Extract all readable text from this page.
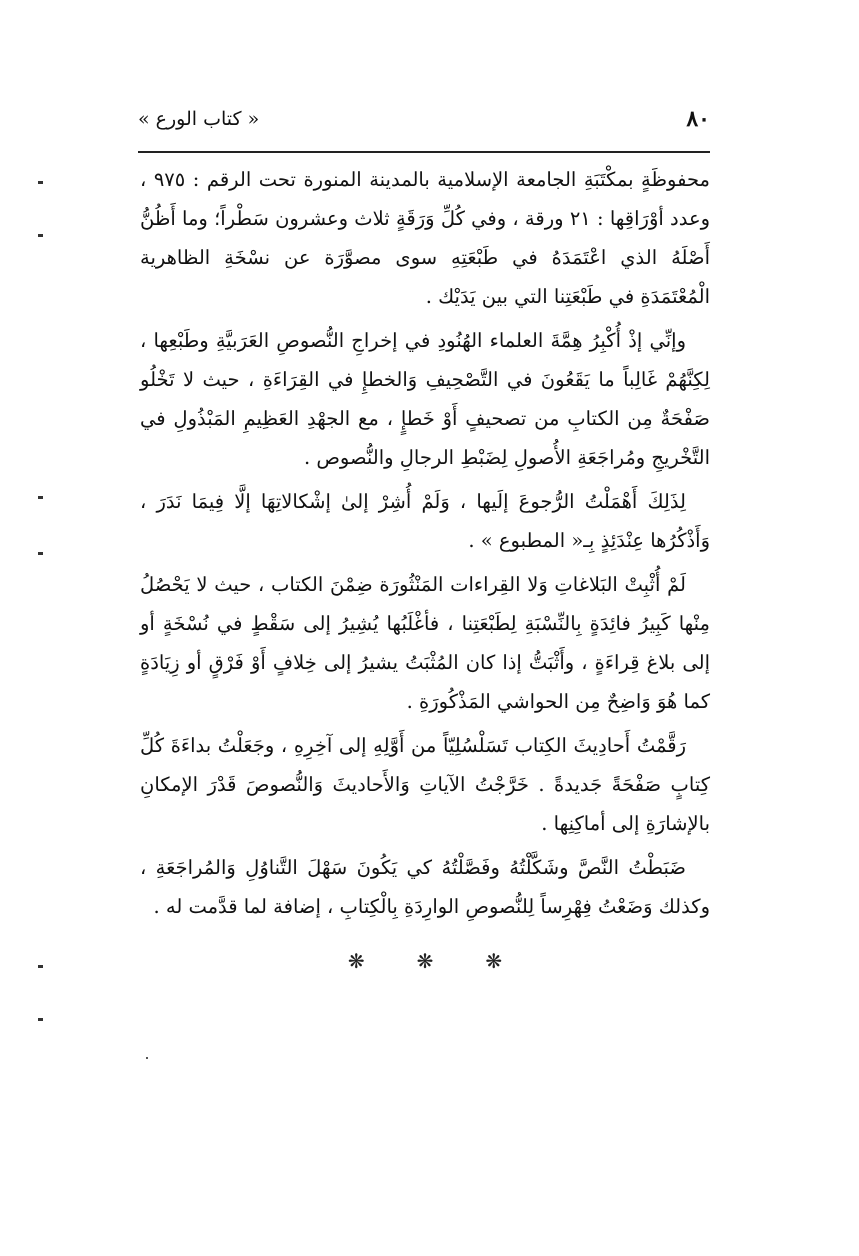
٨٠
« كتاب الورع »

محفوظَةٍ بمكْتَبَةِ الجامعة الإسلامية بالمدينة المنورة تحت الرقم : ٩٧٥ ، وعدد أوْرَاقِها : ٢١ ورقة ، وفي كُلِّ وَرَقَةٍ ثلاث وعشرون سَطْراً؛ وما أَظُنُّ أَصْلَهُ الذي اعْتَمَدَهُ في طَبْعَتِهِ سوى مصوَّرَة عن نسْخَةِ الظاهرية الْمُعْتَمَدَةِ في طَبْعَتِنا التي بين يَدَيْك .

وإنِّي إذْ أُكْبِرُ هِمَّةَ العلماء الهُنُودِ في إخراجِ النُّصوصِ العَرَبيَّةِ وطَبْعِها ، لِكِنَّهُمْ غَالِباً ما يَقَعُونَ في التَّصْحِيفِ وَالخطإِ في القِرَاءَةِ ، حيث لا تَخْلُو صَفْحَةٌ مِن الكتابِ من تصحيفٍ أَوْ خَطإٍ ، مع الجهْدِ العَظِيمِ المَبْذُولِ في التَّخْريجِ ومُراجَعَةِ الأُصولِ لِضَبْطِ الرجالِ والنُّصوص .

لِذَلِكَ أَهْمَلْتُ الرُّجوعَ إلَيها ، وَلَمْ أُشِرْ إلىٰ إشْكالاتِهَا إلَّا فِيمَا نَدَرَ ، وَأَذْكُرُها عِنْدَئِذٍ بِـ« المطبوع » .

لَمْ أُثْبِتْ البَلاغاتِ وَلا القِراءات المَنْثُورَة ضِمْنَ الكتاب ، حيث لا يَحْصُلُ مِنْها كَبِيرُ فائِدَةٍ بِالنِّسْبَةِ لِطَبْعَتِنا ، فأغْلَبُها يُشِيرُ إلى سَقْطٍ في نُسْخَةٍ أو إلى بلاغ قِراءَةٍ ، وأَثْبَتُّ إذا كان المُثْبَتُ يشيرُ إلى خِلافٍ أَوْ فَرْقٍ أو زِيَادَةٍ كما هُوَ وَاضِحٌ مِن الحواشي المَذْكُورَةِ .

رَقَّمْتُ أَحادِيثَ الكِتاب تَسَلْسُلِيّاً من أَوَّلِهِ إلى آخِرِهِ ، وجَعَلْتُ بداءَةَ كُلِّ كِتابٍ صَفْحَةً جَديدةً . خَرَّجْتُ الآياتِ وَالأَحاديثَ وَالنُّصوصَ قَدْرَ الإمكانِ بالإشارَةِ إلى أماكِنِها .

ضَبَطْتُ النَّصَّ وشَكَّلْتُهُ وفَصَّلْتُهُ كي يَكُونَ سَهْلَ التَّناوُلِ وَالمُراجَعَةِ ، وكذلك وَضَعْتُ فِهْرِساً لِلنُّصوصِ الوارِدَةِ بِالْكِتابِ ، إضافة لما قدَّمت له .

❋
❋
❋
